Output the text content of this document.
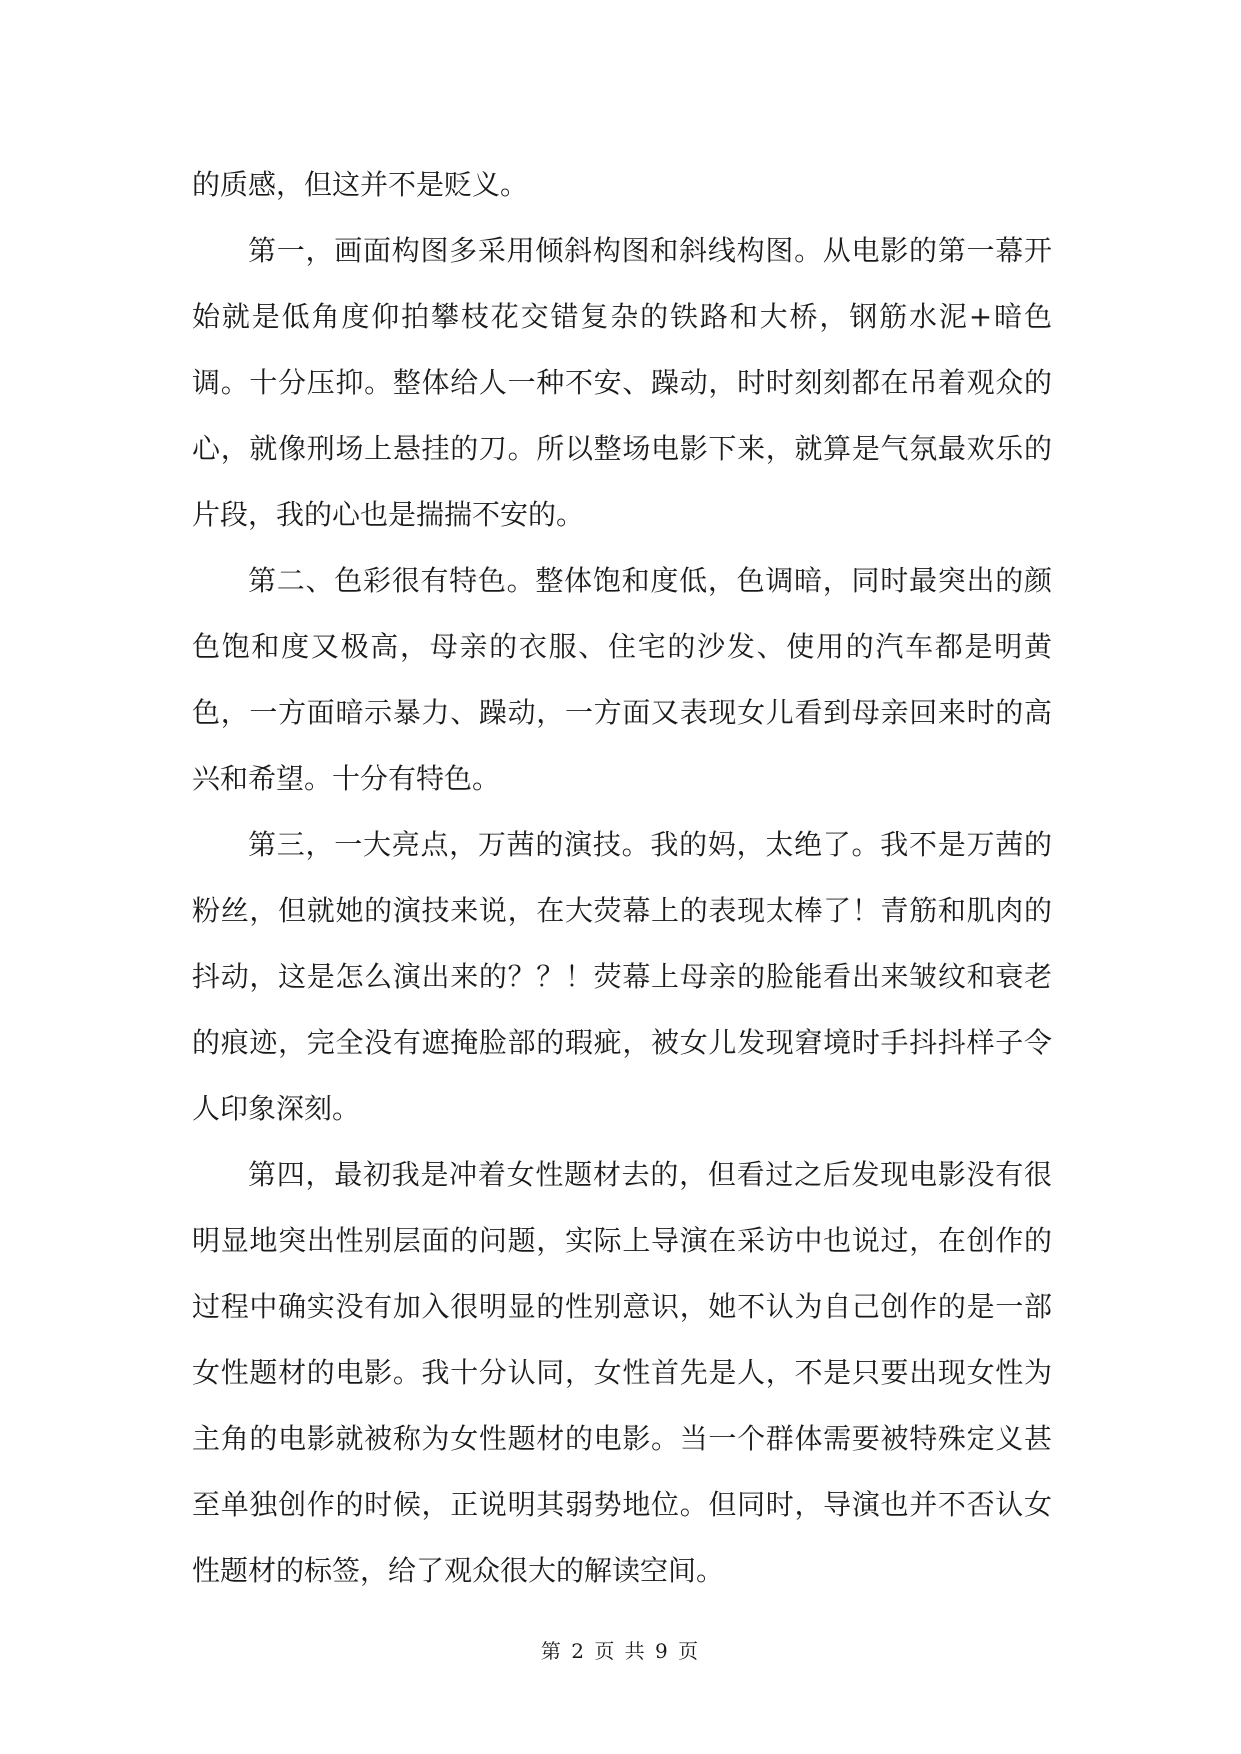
的质感，但这并不是贬义。

第一，画面构图多采用倾斜构图和斜线构图。从电影的第一幕开始就是低角度仰拍攀枝花交错复杂的铁路和大桥，钢筋水泥+暗色调。十分压抑。整体给人一种不安、躁动，时时刻刻都在吊着观众的心，就像刑场上悬挂的刀。所以整场电影下来，就算是气氛最欢乐的片段，我的心也是揣揣不安的。

第二、色彩很有特色。整体饱和度低，色调暗，同时最突出的颜色饱和度又极高，母亲的衣服、住宅的沙发、使用的汽车都是明黄色，一方面暗示暴力、躁动，一方面又表现女儿看到母亲回来时的高兴和希望。十分有特色。

第三，一大亮点，万茜的演技。我的妈，太绝了。我不是万茜的粉丝，但就她的演技来说，在大荧幕上的表现太棒了！青筋和肌肉的抖动，这是怎么演出来的？？！荧幕上母亲的脸能看出来皱纹和衰老的痕迹，完全没有遮掩脸部的瑕疵，被女儿发现窘境时手抖抖样子令人印象深刻。

第四，最初我是冲着女性题材去的，但看过之后发现电影没有很明显地突出性别层面的问题，实际上导演在采访中也说过，在创作的过程中确实没有加入很明显的性别意识，她不认为自己创作的是一部女性题材的电影。我十分认同，女性首先是人，不是只要出现女性为主角的电影就被称为女性题材的电影。当一个群体需要被特殊定义甚至单独创作的时候，正说明其弱势地位。但同时，导演也并不否认女性题材的标签，给了观众很大的解读空间。

第 2 页 共 9 页
